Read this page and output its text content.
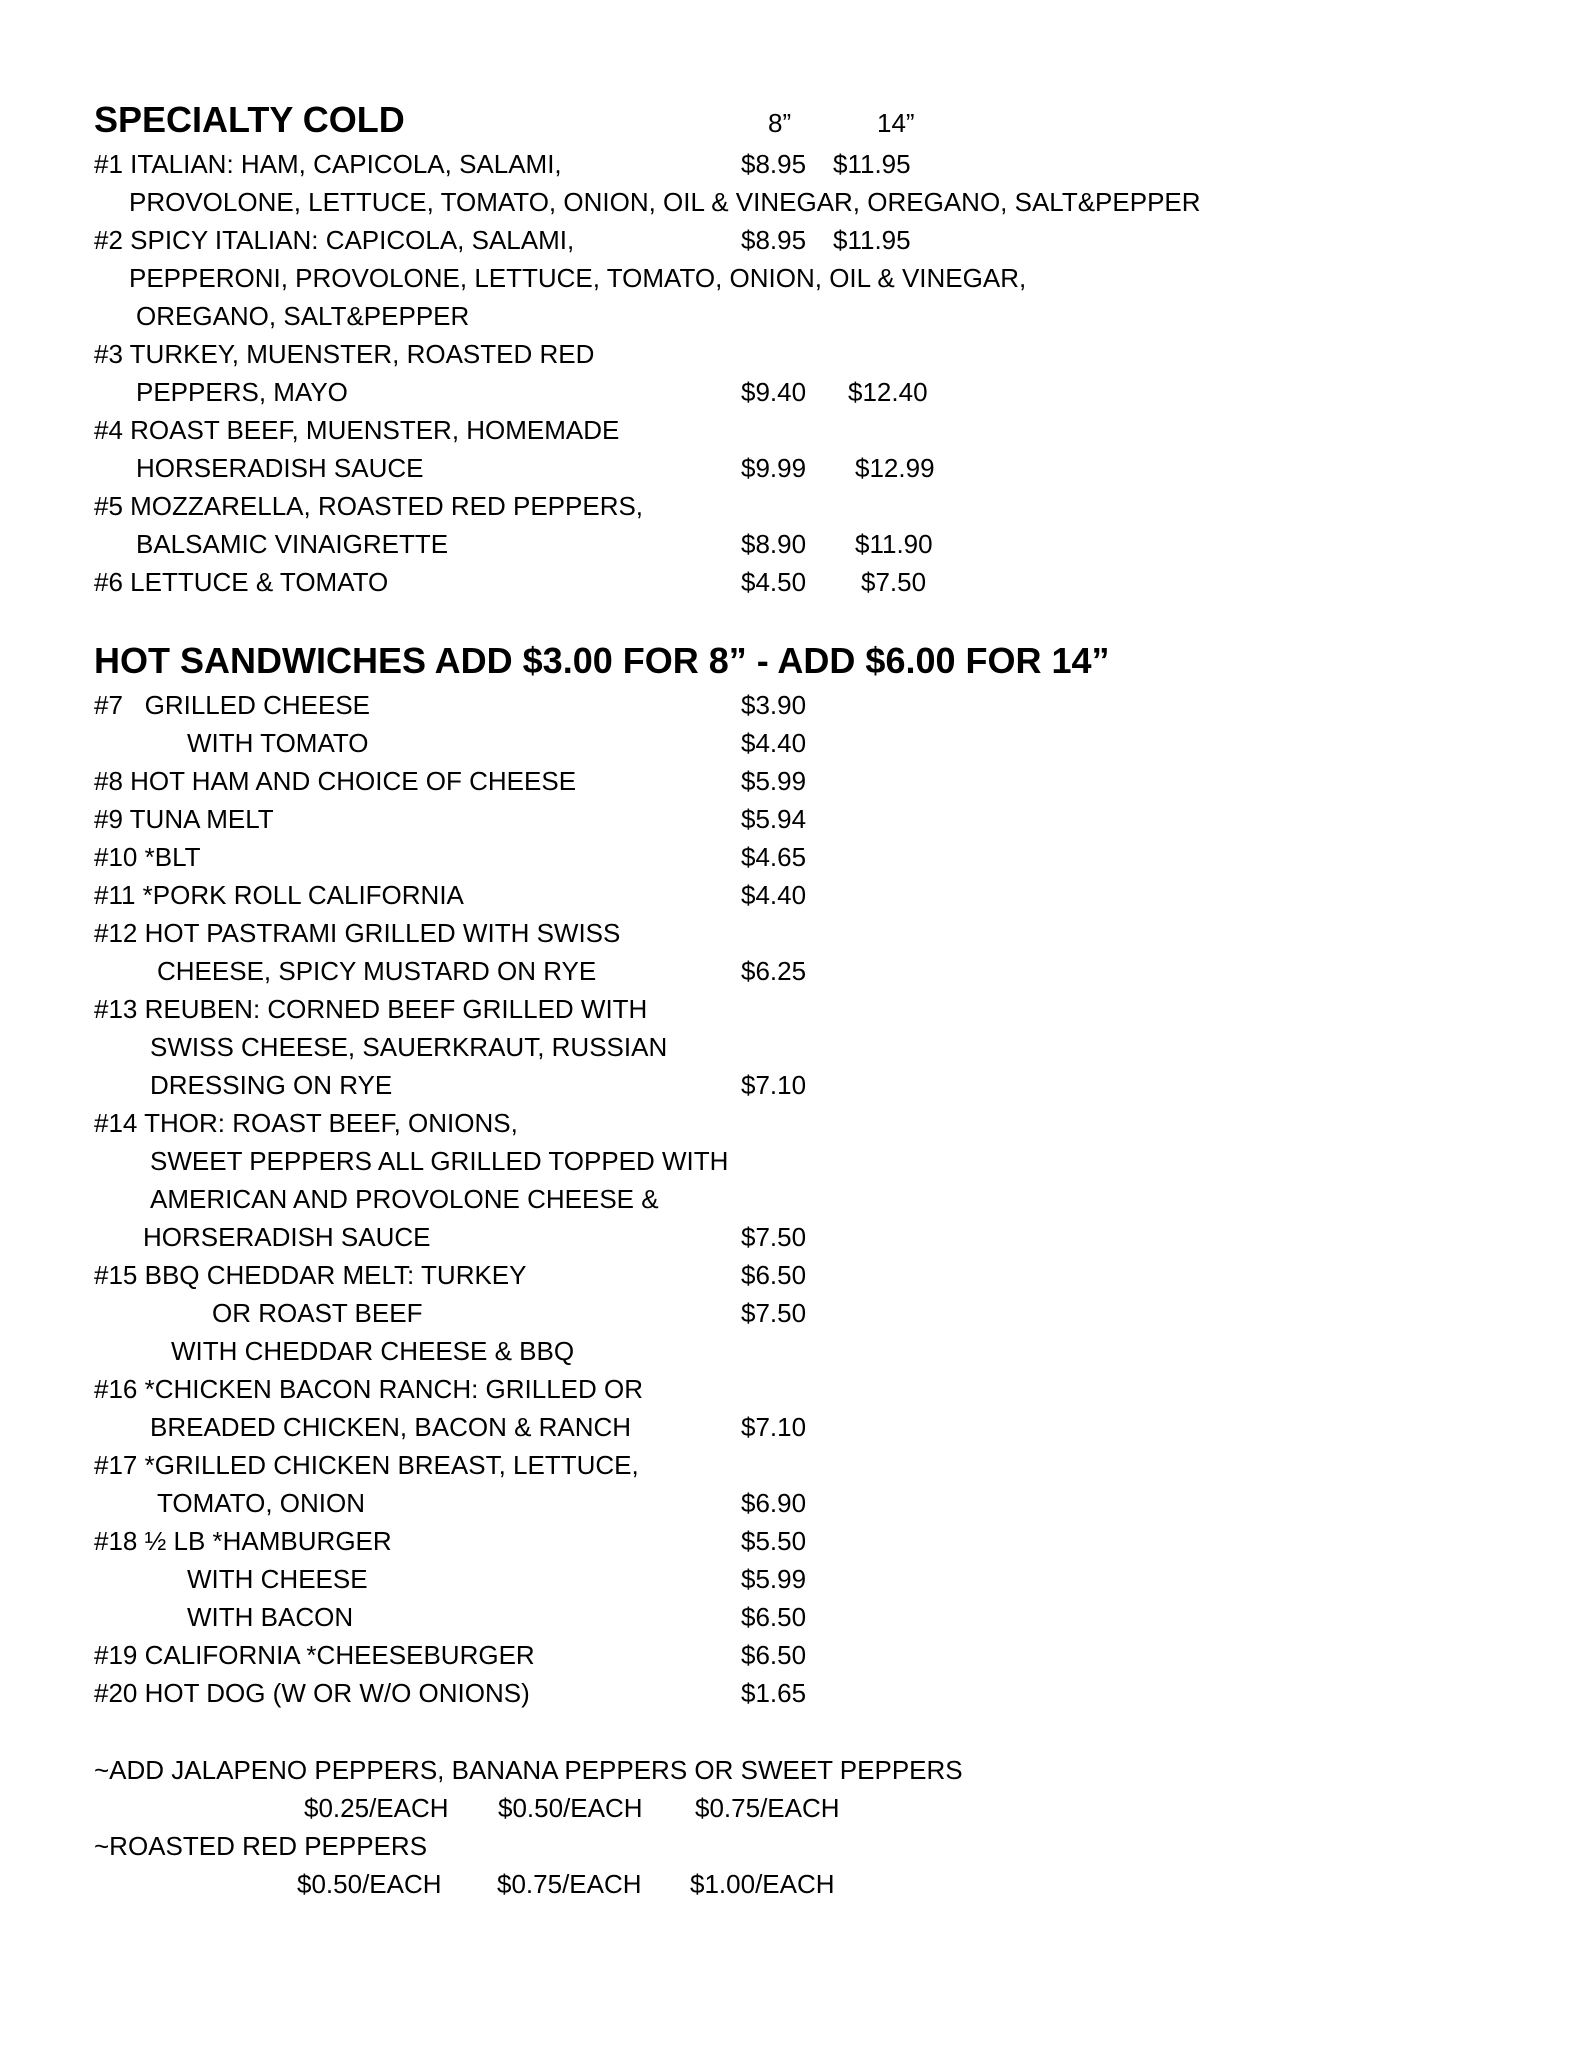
SPECIALTY COLD	8”	14”
#1 ITALIAN: HAM, CAPICOLA, SALAMI,	$8.95 $11.95
PROVOLONE, LETTUCE, TOMATO, ONION, OIL & VINEGAR, OREGANO, SALT&PEPPER
#2 SPICY ITALIAN: CAPICOLA, SALAMI,	$8.95 $11.95
PEPPERONI, PROVOLONE, LETTUCE, TOMATO, ONION, OIL & VINEGAR,
OREGANO, SALT&PEPPER
#3 TURKEY, MUENSTER, ROASTED RED
PEPPERS, MAYO	$9.40 $12.40
#4 ROAST BEEF, MUENSTER, HOMEMADE
HORSERADISH SAUCE	$9.99 $12.99
#5 MOZZARELLA, ROASTED RED PEPPERS,
BALSAMIC VINAIGRETTE	$8.90 $11.90
#6 LETTUCE & TOMATO	$4.50 $7.50
HOT SANDWICHES ADD $3.00 FOR 8” - ADD $6.00 FOR 14”
#7   GRILLED CHEESE	$3.90
WITH TOMATO	$4.40
#8 HOT HAM AND CHOICE OF CHEESE	$5.99
#9 TUNA MELT	$5.94
#10 *BLT	$4.65
#11 *PORK ROLL CALIFORNIA	$4.40
#12 HOT PASTRAMI GRILLED WITH SWISS
CHEESE, SPICY MUSTARD ON RYE	$6.25
#13 REUBEN: CORNED BEEF GRILLED WITH
SWISS CHEESE, SAUERKRAUT, RUSSIAN
DRESSING ON RYE	$7.10
#14 THOR: ROAST BEEF, ONIONS,
SWEET PEPPERS ALL GRILLED TOPPED WITH
AMERICAN AND PROVOLONE CHEESE &
HORSERADISH SAUCE	$7.50
#15 BBQ CHEDDAR MELT: TURKEY	$6.50
OR ROAST BEEF	$7.50
WITH CHEDDAR CHEESE & BBQ
#16 *CHICKEN BACON RANCH: GRILLED OR
BREADED CHICKEN, BACON & RANCH	$7.10
#17 *GRILLED CHICKEN BREAST, LETTUCE,
TOMATO, ONION	$6.90
#18 ½ LB *HAMBURGER	$5.50
WITH CHEESE	$5.99
WITH BACON	$6.50
#19 CALIFORNIA *CHEESEBURGER	$6.50
#20 HOT DOG (W OR W/O ONIONS)	$1.65
~ADD JALAPENO PEPPERS, BANANA PEPPERS OR SWEET PEPPERS
$0.25/EACH $0.50/EACH $0.75/EACH
~ROASTED RED PEPPERS
$0.50/EACH $0.75/EACH $1.00/EACH
